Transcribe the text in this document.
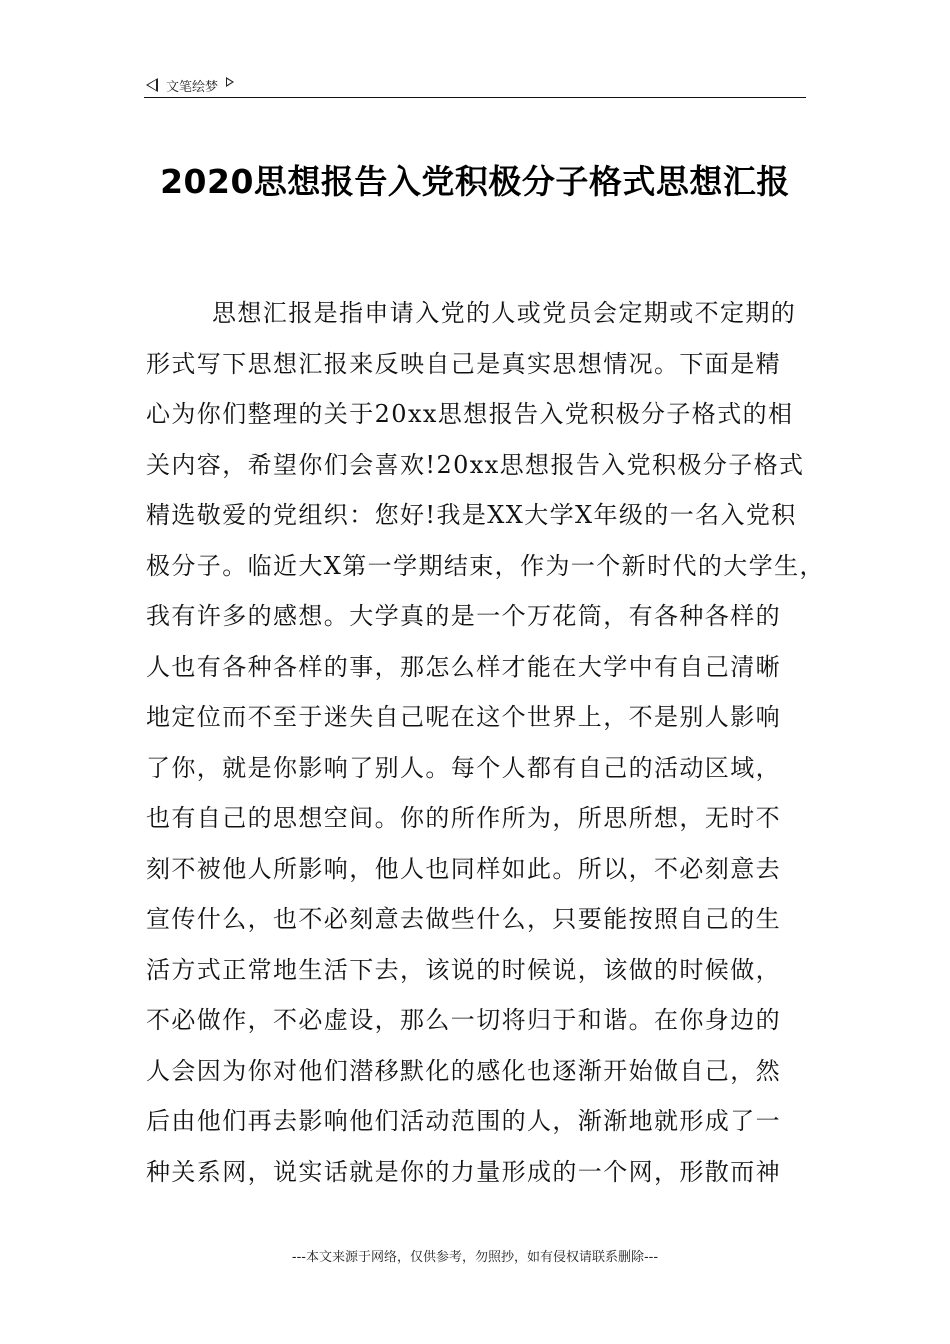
文笔绘梦
2020思想报告入党积极分子格式思想汇报
思想汇报是指申请入党的人或党员会定期或不定期的
形式写下思想汇报来反映自己是真实思想情况。下面是精
心为你们整理的关于20xx思想报告入党积极分子格式的相
关内容，希望你们会喜欢!20xx思想报告入党积极分子格式
精选敬爱的党组织：您好!我是XX大学X年级的一名入党积
极分子。临近大X第一学期结束，作为一个新时代的大学生，
我有许多的感想。大学真的是一个万花筒，有各种各样的
人也有各种各样的事，那怎么样才能在大学中有自己清晰
地定位而不至于迷失自己呢在这个世界上，不是别人影响
了你，就是你影响了别人。每个人都有自己的活动区域，
也有自己的思想空间。你的所作所为，所思所想，无时不
刻不被他人所影响，他人也同样如此。所以，不必刻意去
宣传什么，也不必刻意去做些什么，只要能按照自己的生
活方式正常地生活下去，该说的时候说，该做的时候做，
不必做作，不必虚设，那么一切将归于和谐。在你身边的
人会因为你对他们潜移默化的感化也逐渐开始做自己，然
后由他们再去影响他们活动范围的人，渐渐地就形成了一
种关系网，说实话就是你的力量形成的一个网，形散而神
---本文来源于网络，仅供参考，勿照抄，如有侵权请联系删除---
